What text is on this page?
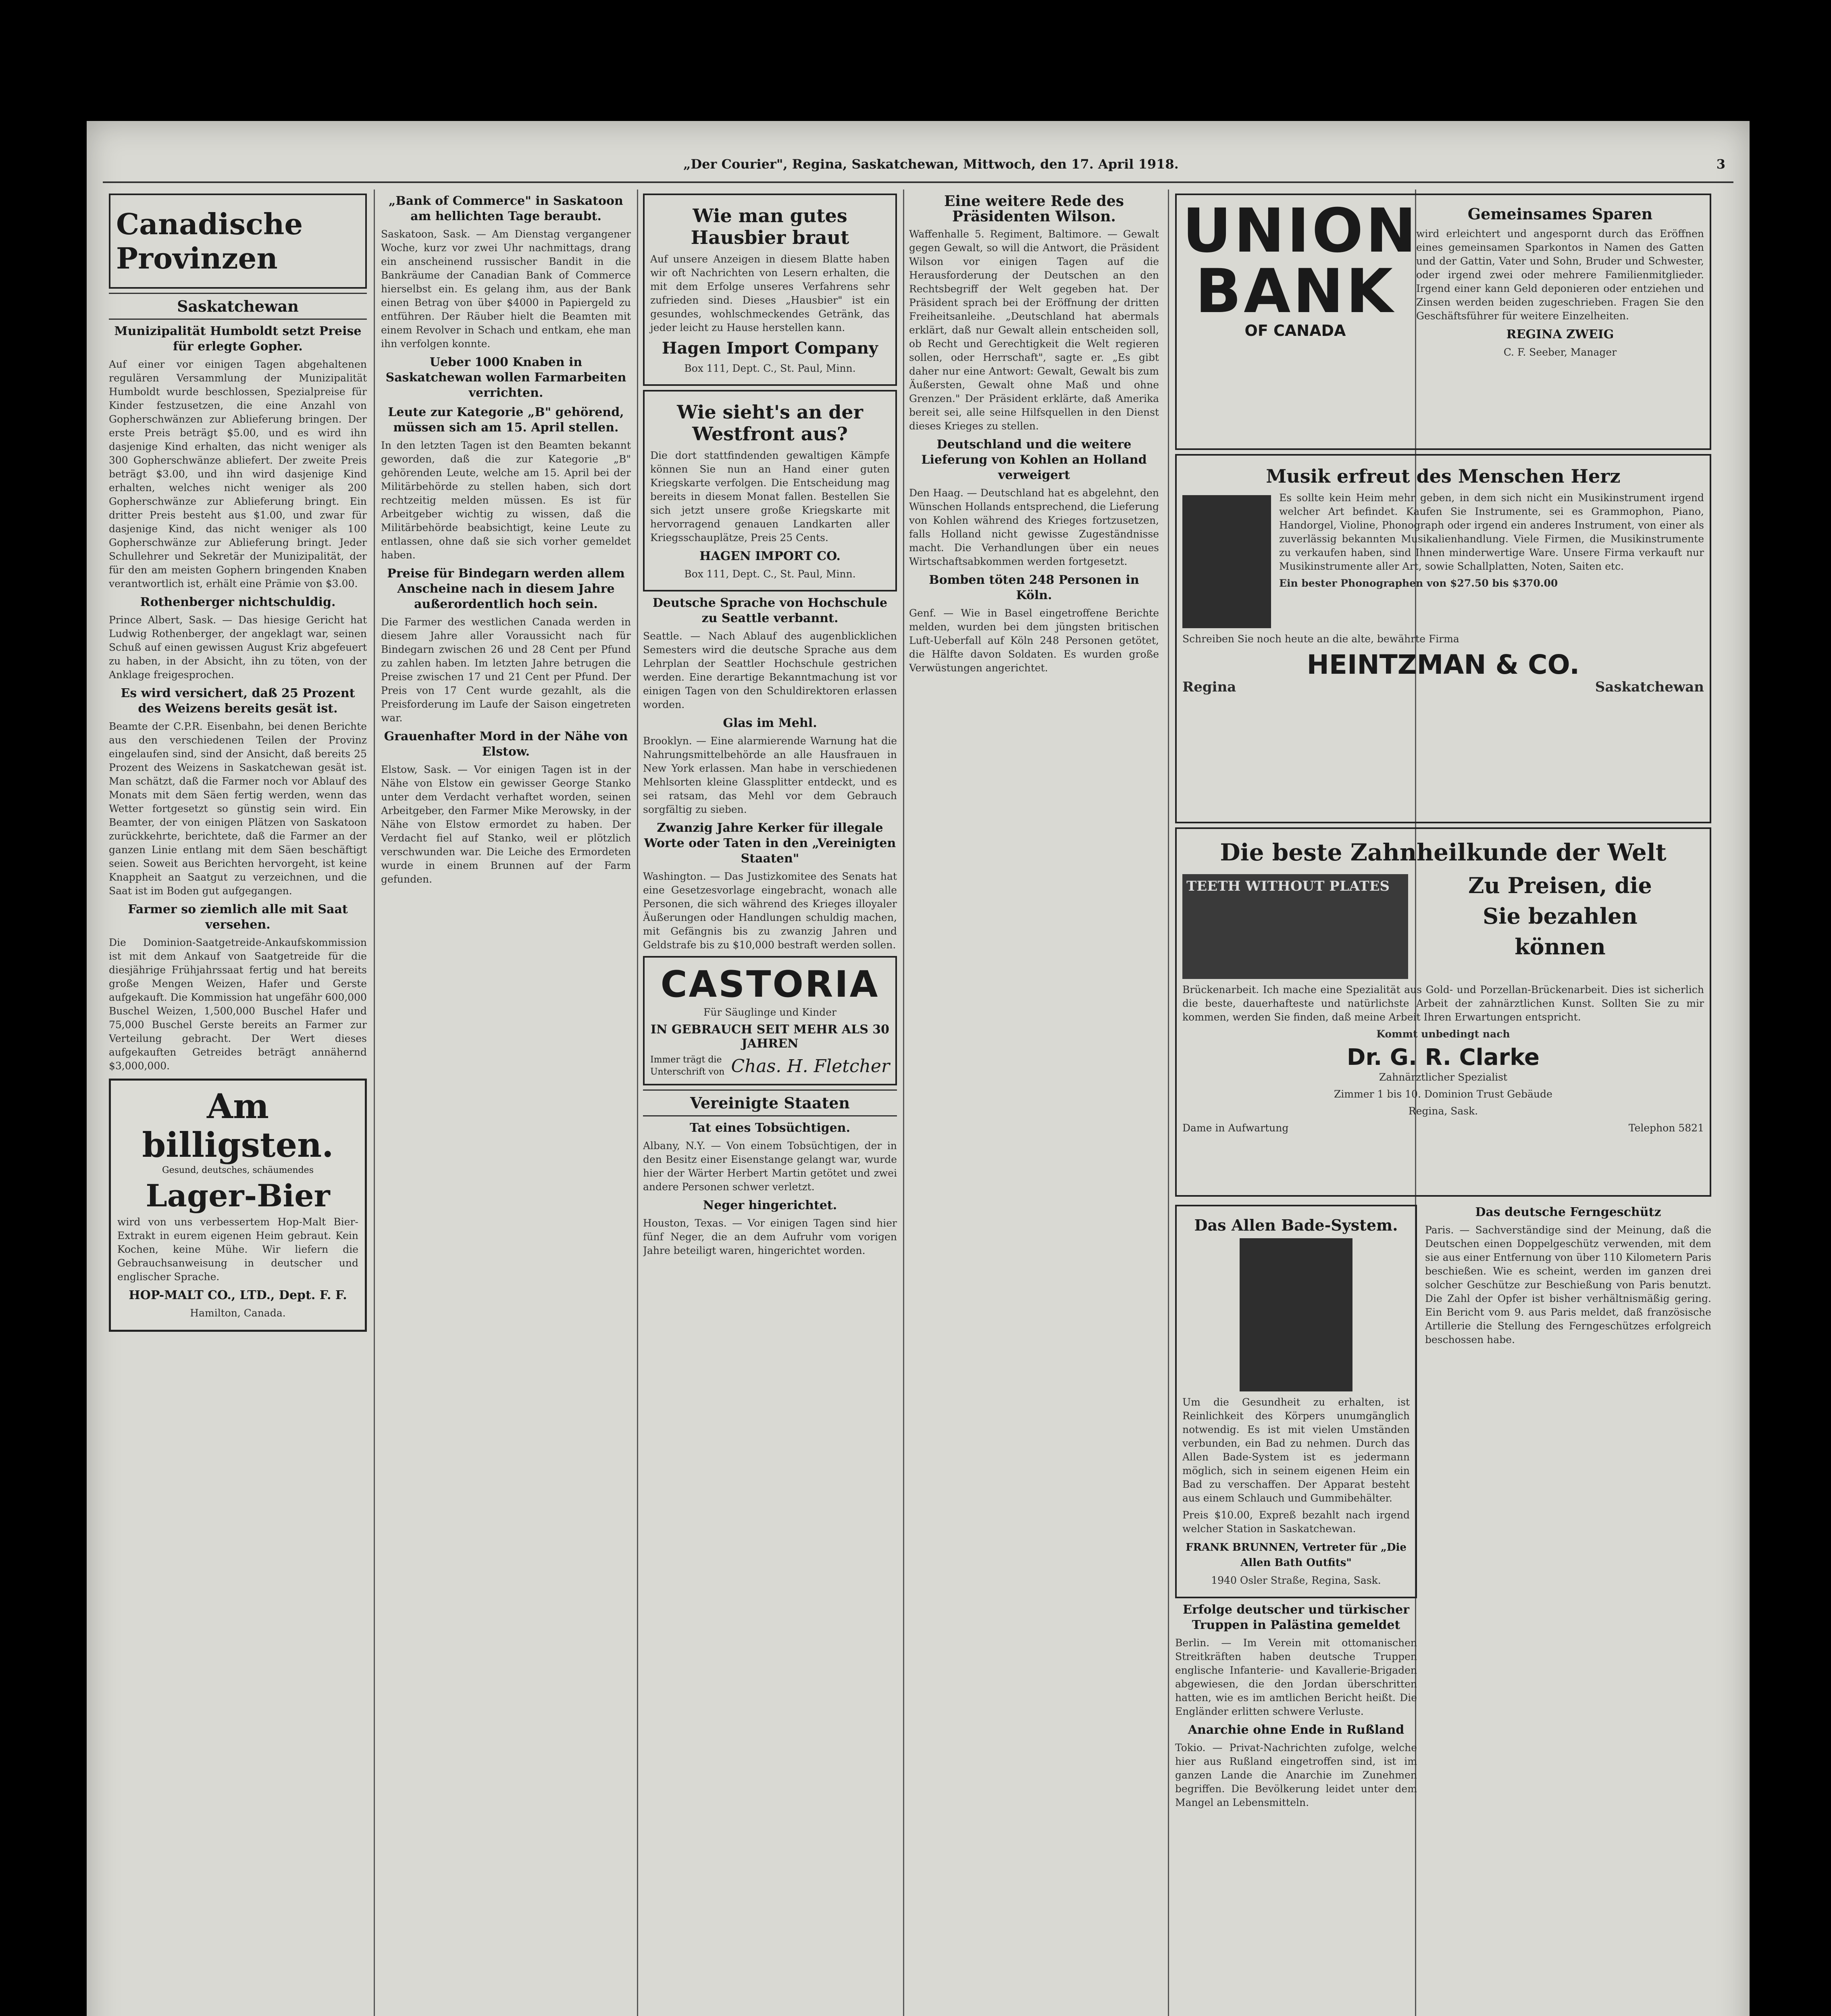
„Der Courier", Regina, Saskatchewan, Mittwoch, den 17. April 1918.	3
Canadische Provinzen
Saskatchewan
Munizipalität Humboldt setzt Preise für erlegte Gopher.

Auf einer vor einigen Tagen abgehaltenen regulären Versammlung der Munizipalität Humboldt wurde beschlossen, Spezialpreise für Kinder festzusetzen, die eine Anzahl von Gopherschwänzen zur Ablieferung bringen. Der erste Preis beträgt $5.00, und es wird ihn dasjenige Kind erhalten, das nicht weniger als 300 Gopherschwänze abliefert. Der zweite Preis beträgt $3.00, und ihn wird dasjenige Kind erhalten, welches nicht weniger als 200 Gopherschwänze zur Ablieferung bringt. Ein dritter Preis besteht aus $1.00, und zwar für dasjenige Kind, das nicht weniger als 100 Gopherschwänze zur Ablieferung bringt. Jeder Schullehrer und Sekretär der Munizipalität, der für den am meisten Gophern bringenden Knaben verantwortlich ist, erhält eine Prämie von $3.00.

Rothenberger nichtschuldig.

Prince Albert, Sask. — Das hiesige Gericht hat Ludwig Rothenberger, der angeklagt war, seinen Schuß auf einen gewissen August Kriz abgefeuert zu haben, in der Absicht, ihn zu töten, von der Anklage freigesprochen.

Es wird versichert, daß 25 Prozent des Weizens bereits gesät ist.

Beamte der C.P.R. Eisenbahn, bei denen Berichte aus den verschiedenen Teilen der Provinz eingelaufen sind, sind der Ansicht, daß bereits 25 Prozent des Weizens in Saskatchewan gesät ist. Man schätzt, daß die Farmer noch vor Ablauf des Monats mit dem Säen fertig werden, wenn das Wetter fortgesetzt so günstig sein wird. Ein Beamter, der von einigen Plätzen von Saskatoon zurückkehrte, berichtete, daß die Farmer an der ganzen Linie entlang mit dem Säen beschäftigt seien. Soweit aus Berichten hervorgeht, ist keine Knappheit an Saatgut zu verzeichnen, und die Saat ist im Boden gut aufgegangen.

Farmer so ziemlich alle mit Saat versehen.

Die Dominion-Saatgetreide-Ankaufskommission ist mit dem Ankauf von Saatgetreide für die diesjährige Frühjahrssaat fertig und hat bereits große Mengen Weizen, Hafer und Gerste aufgekauft. Die Kommission hat ungefähr 600,000 Buschel Weizen, 1,500,000 Buschel Hafer und 75,000 Buschel Gerste bereits an Farmer zur Verteilung gebracht. Der Wert dieses aufgekauften Getreides beträgt annähernd $3,000,000.

Am billigsten.
Gesund, deutsches, schäumendes
Lager-Bier

wird von uns verbessertem Hop-Malt Bier-Extrakt in eurem eigenen Heim gebraut. Kein Kochen, keine Mühe. Wir liefern die Gebrauchsanweisung in deutscher und englischer Sprache.

HOP-MALT CO., LTD., Dept. F. F.
Hamilton, Canada.
„Bank of Commerce" in Saskatoon am hellichten Tage beraubt.

Saskatoon, Sask. — Am Dienstag vergangener Woche, kurz vor zwei Uhr nachmittags, drang ein anscheinend russischer Bandit in die Bankräume der Canadian Bank of Commerce hierselbst ein. Es gelang ihm, aus der Bank einen Betrag von über $4000 in Papiergeld zu entführen. Der Räuber hielt die Beamten mit einem Revolver in Schach und entkam, ehe man ihn verfolgen konnte.

Ueber 1000 Knaben in Saskatchewan wollen Farmarbeiten verrichten.
Leute zur Kategorie „B" gehörend, müssen sich am 15. April stellen.

In den letzten Tagen ist den Beamten bekannt geworden, daß die zur Kategorie „B" gehörenden Leute, welche am 15. April bei der Militärbehörde zu stellen haben, sich dort rechtzeitig melden müssen. Es ist für Arbeitgeber wichtig zu wissen, daß die Militärbehörde beabsichtigt, keine Leute zu entlassen, ohne daß sie sich vorher gemeldet haben.

Preise für Bindegarn werden allem Anscheine nach in diesem Jahre außerordentlich hoch sein.

Die Farmer des westlichen Canada werden in diesem Jahre aller Voraussicht nach für Bindegarn zwischen 26 und 28 Cent per Pfund zu zahlen haben. Im letzten Jahre betrugen die Preise zwischen 17 und 21 Cent per Pfund. Der Preis von 17 Cent wurde gezahlt, als die Preisforderung im Laufe der Saison eingetreten war.

Grauenhafter Mord in der Nähe von Elstow.

Elstow, Sask. — Vor einigen Tagen ist in der Nähe von Elstow ein gewisser George Stanko unter dem Verdacht verhaftet worden, seinen Arbeitgeber, den Farmer Mike Merowsky, in der Nähe von Elstow ermordet zu haben. Der Verdacht fiel auf Stanko, weil er plötzlich verschwunden war. Die Leiche des Ermordeten wurde in einem Brunnen auf der Farm gefunden.

Wie man gutes Hausbier braut

Auf unsere Anzeigen in diesem Blatte haben wir oft Nachrichten von Lesern erhalten, die mit dem Erfolge unseres Verfahrens sehr zufrieden sind. Dieses „Hausbier" ist ein gesundes, wohlschmeckendes Getränk, das jeder leicht zu Hause herstellen kann.

Hagen Import Company
Box 111, Dept. C., St. Paul, Minn.
Wie sieht's an der Westfront aus?

Die dort stattfindenden gewaltigen Kämpfe können Sie nun an Hand einer guten Kriegskarte verfolgen. Die Entscheidung mag bereits in diesem Monat fallen. Bestellen Sie sich jetzt unsere große Kriegskarte mit hervorragend genauen Landkarten aller Kriegsschauplätze, Preis 25 Cents.

HAGEN IMPORT CO.
Box 111, Dept. C., St. Paul, Minn.
Deutsche Sprache von Hochschule zu Seattle verbannt.

Seattle. — Nach Ablauf des augenblicklichen Semesters wird die deutsche Sprache aus dem Lehrplan der Seattler Hochschule gestrichen werden. Eine derartige Bekanntmachung ist vor einigen Tagen von den Schuldirektoren erlassen worden.

Glas im Mehl.

Brooklyn. — Eine alarmierende Warnung hat die Nahrungsmittelbehörde an alle Hausfrauen in New York erlassen. Man habe in verschiedenen Mehlsorten kleine Glassplitter entdeckt, und es sei ratsam, das Mehl vor dem Gebrauch sorgfältig zu sieben.

Zwanzig Jahre Kerker für illegale Worte oder Taten in den „Vereinigten Staaten"

Washington. — Das Justizkomitee des Senats hat eine Gesetzesvorlage eingebracht, wonach alle Personen, die sich während des Krieges illoyaler Äußerungen oder Handlungen schuldig machen, mit Gefängnis bis zu zwanzig Jahren und Geldstrafe bis zu $10,000 bestraft werden sollen.

CASTORIA
Für Säuglinge und Kinder
IN GEBRAUCH SEIT MEHR ALS 30 JAHREN
Immer trägt die Unterschrift von Chas. H. Fletcher
Vereinigte Staaten
Tat eines Tobsüchtigen.

Albany, N.Y. — Von einem Tobsüchtigen, der in den Besitz einer Eisenstange gelangt war, wurde hier der Wärter Herbert Martin getötet und zwei andere Personen schwer verletzt.

Neger hingerichtet.

Houston, Texas. — Vor einigen Tagen sind hier fünf Neger, die an dem Aufruhr vom vorigen Jahre beteiligt waren, hingerichtet worden.

Eine weitere Rede des Präsidenten Wilson.

Waffenhalle 5. Regiment, Baltimore. — Gewalt gegen Gewalt, so will die Antwort, die Präsident Wilson vor einigen Tagen auf die Herausforderung der Deutschen an den Rechtsbegriff der Welt gegeben hat. Der Präsident sprach bei der Eröffnung der dritten Freiheitsanleihe. „Deutschland hat abermals erklärt, daß nur Gewalt allein entscheiden soll, ob Recht und Gerechtigkeit die Welt regieren sollen, oder Herrschaft", sagte er. „Es gibt daher nur eine Antwort: Gewalt, Gewalt bis zum Äußersten, Gewalt ohne Maß und ohne Grenzen." Der Präsident erklärte, daß Amerika bereit sei, alle seine Hilfsquellen in den Dienst dieses Krieges zu stellen.

Deutschland und die weitere Lieferung von Kohlen an Holland verweigert

Den Haag. — Deutschland hat es abgelehnt, den Wünschen Hollands entsprechend, die Lieferung von Kohlen während des Krieges fortzusetzen, falls Holland nicht gewisse Zugeständnisse macht. Die Verhandlungen über ein neues Wirtschaftsabkommen werden fortgesetzt.

Bomben töten 248 Personen in Köln.

Genf. — Wie in Basel eingetroffene Berichte melden, wurden bei dem jüngsten britischen Luft-Ueberfall auf Köln 248 Personen getötet, die Hälfte davon Soldaten. Es wurden große Verwüstungen angerichtet.

UNION BANK
OF CANADA
Gemeinsames Sparen

wird erleichtert und angespornt durch das Eröffnen eines gemeinsamen Sparkontos in Namen des Gatten und der Gattin, Vater und Sohn, Bruder und Schwester, oder irgend zwei oder mehrere Familienmitglieder. Irgend einer kann Geld deponieren oder entziehen und Zinsen werden beiden zugeschrieben. Fragen Sie den Geschäftsführer für weitere Einzelheiten.

REGINA ZWEIG
C. F. Seeber, Manager
Musik erfreut des Menschen Herz

Es sollte kein Heim mehr geben, in dem sich nicht ein Musikinstrument irgend welcher Art befindet. Kaufen Sie Instrumente, sei es Grammophon, Piano, Handorgel, Violine, Phonograph oder irgend ein anderes Instrument, von einer als zuverlässig bekannten Musikalienhandlung. Viele Firmen, die Musikinstrumente zu verkaufen haben, sind Ihnen minderwertige Ware. Unsere Firma verkauft nur Musikinstrumente aller Art, sowie Schallplatten, Noten, Saiten etc.

Ein bester Phonographen von $27.50 bis $370.00

Schreiben Sie noch heute an die alte, bewährte Firma

HEINTZMAN & CO.
Regina	Saskatchewan
Die beste Zahnheilkunde der Welt
TEETH WITHOUT PLATES	Zu Preisen, die
Sie bezahlen
können

Brückenarbeit. Ich mache eine Spezialität aus Gold- und Porzellan-Brückenarbeit. Dies ist sicherlich die beste, dauerhafteste und natürlichste Arbeit der zahnärztlichen Kunst. Sollten Sie zu mir kommen, werden Sie finden, daß meine Arbeit Ihren Erwartungen entspricht.

Kommt unbedingt nach
Dr. G. R. Clarke
Zahnärztlicher Spezialist
Zimmer 1 bis 10. Dominion Trust Gebäude
Regina, Sask.
Dame in Aufwartung	Telephon 5821
Das Allen Bade-System.

Um die Gesundheit zu erhalten, ist Reinlichkeit des Körpers unumgänglich notwendig. Es ist mit vielen Umständen verbunden, ein Bad zu nehmen. Durch das Allen Bade-System ist es jedermann möglich, sich in seinem eigenen Heim ein Bad zu verschaffen. Der Apparat besteht aus einem Schlauch und Gummibehälter.

Preis $10.00, Expreß bezahlt nach irgend welcher Station in Saskatchewan.

FRANK BRUNNEN, Vertreter für „Die Allen Bath Outfits"
1940 Osler Straße, Regina, Sask.
Erfolge deutscher und türkischer Truppen in Palästina gemeldet

Berlin. — Im Verein mit ottomanischen Streitkräften haben deutsche Truppen englische Infanterie- und Kavallerie-Brigaden abgewiesen, die den Jordan überschritten hatten, wie es im amtlichen Bericht heißt. Die Engländer erlitten schwere Verluste.

Anarchie ohne Ende in Rußland

Tokio. — Privat-Nachrichten zufolge, welche hier aus Rußland eingetroffen sind, ist im ganzen Lande die Anarchie im Zunehmen begriffen. Die Bevölkerung leidet unter dem Mangel an Lebensmitteln.

Das deutsche Ferngeschütz

Paris. — Sachverständige sind der Meinung, daß die Deutschen einen Doppelgeschütz verwenden, mit dem sie aus einer Entfernung von über 110 Kilometern Paris beschießen. Wie es scheint, werden im ganzen drei solcher Geschütze zur Beschießung von Paris benutzt. Die Zahl der Opfer ist bisher verhältnismäßig gering. Ein Bericht vom 9. aus Paris meldet, daß französische Artillerie die Stellung des Ferngeschützes erfolgreich beschossen habe.
